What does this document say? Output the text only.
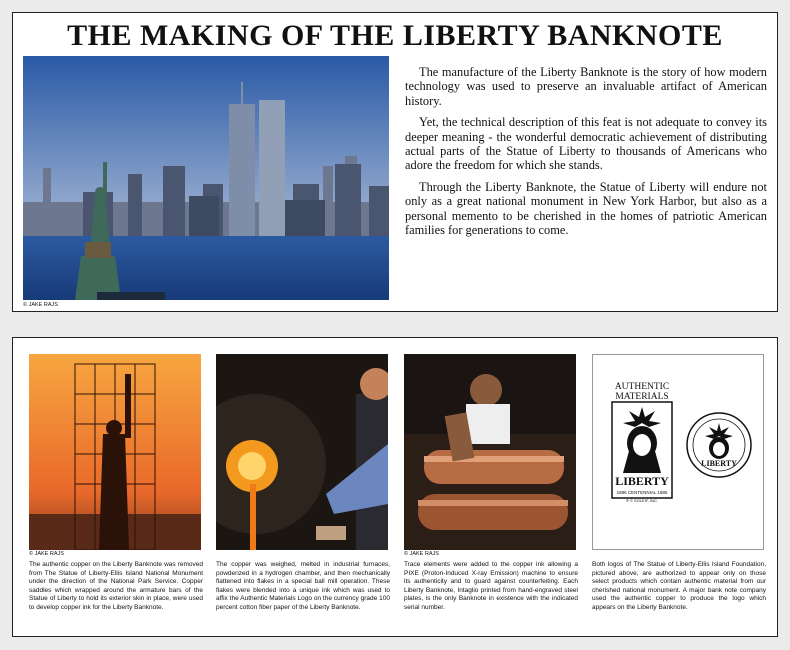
THE MAKING OF THE LIBERTY BANKNOTE
© JAKE RAJS

The manufacture of the Liberty Banknote is the story of how modern technology was used to preserve an invaluable artifact of American history.

Yet, the technical description of this feat is not adequate to convey its deeper meaning - the wonderful democratic achievement of distributing actual parts of the Statue of Liberty to thousands of Americans who adore the freedom for which she stands.

Through the Liberty Banknote, the Statue of Liberty will endure not only as a great national monument in New York Harbor, but also as a personal memento to be cherished in the homes of patriotic American families for generations to come.

© JAKE RAJS	© JAKE RAJS
AUTHENTIC
MATERIALS
LIBERTY
1886 CENTENNIAL 1986
® © SOLEIF, INC.
LIBERTY
The authentic copper on the Liberty Banknote was removed from The Statue of Liberty-Ellis Island National Monument under the direction of the National Park Service. Copper saddles which wrapped around the armature bars of the Statue of Liberty to hold its exterior skin in place, were used to develop copper ink for the Liberty Banknote.
The copper was weighed, melted in industrial furnaces, powderized in a hydrogen chamber, and then mechanically flattened into flakes in a special ball mill operation. These flakes were blended into a unique ink which was used to affix the Authentic Materials Logo on the currency grade 100 percent cotton fiber paper of the Liberty Banknote.
Trace elements were added to the copper ink allowing a PIXE (Proton-Induced X-ray Emission) machine to ensure its authenticity and to guard against counterfeiting. Each Liberty Banknote, Intaglio printed from hand-engraved steel plates, is the only Banknote in existence with the indicated serial number.
Both logos of The Statue of Liberty-Ellis Island Foundation, pictured above, are authorized to appear only on those select products which contain authentic material from our cherished national monument. A major bank note company used the authentic copper to produce the logo which appears on the Liberty Banknote.
